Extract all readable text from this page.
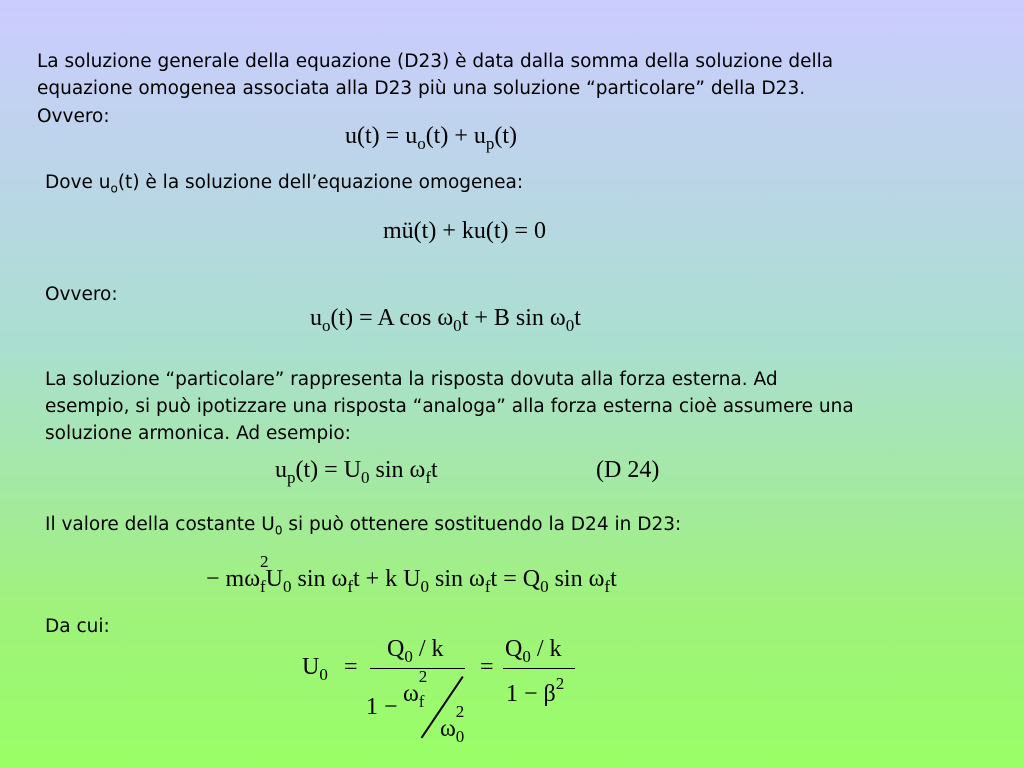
La soluzione generale della equazione (D23) è data dalla somma della soluzione della
equazione omogenea associata alla D23 più una soluzione “particolare” della D23.
Ovvero:
$u(t) = u_o(t) + u_p(t)$
Dove $u_o(t)$ è la soluzione dell’equazione omogenea:
mü(t) + ku(t) = 0
Ovvero:
$u_o(t) = A$ $\cos \omega_0t + B$ $\sin \omega_0t$
La soluzione “particolare” rappresenta la risposta dovuta alla forza esterna. Ad
esempio, si può ipotizzare una risposta “analoga” alla forza esterna cioè assumere una
soluzione armonica. Ad esempio:
$u_p(t) = U_0$ $\sin \omega_ft$	(D 24)
Il valore della costante $U_0$ si può ottenere sostituendo la D24 in D23:
− mω
2
$_fU_0$ $\sin \omega_ft + k$ $U_0$ $\sin \omega_ft = Q_0$ $\sin \omega_ft$
Da cui:
$U_0$ =
$Q_0$ / k
1 − ω
2
$_f$
ω
2
$_0$
=
$Q_0$ / k
$1 - \beta^2$
